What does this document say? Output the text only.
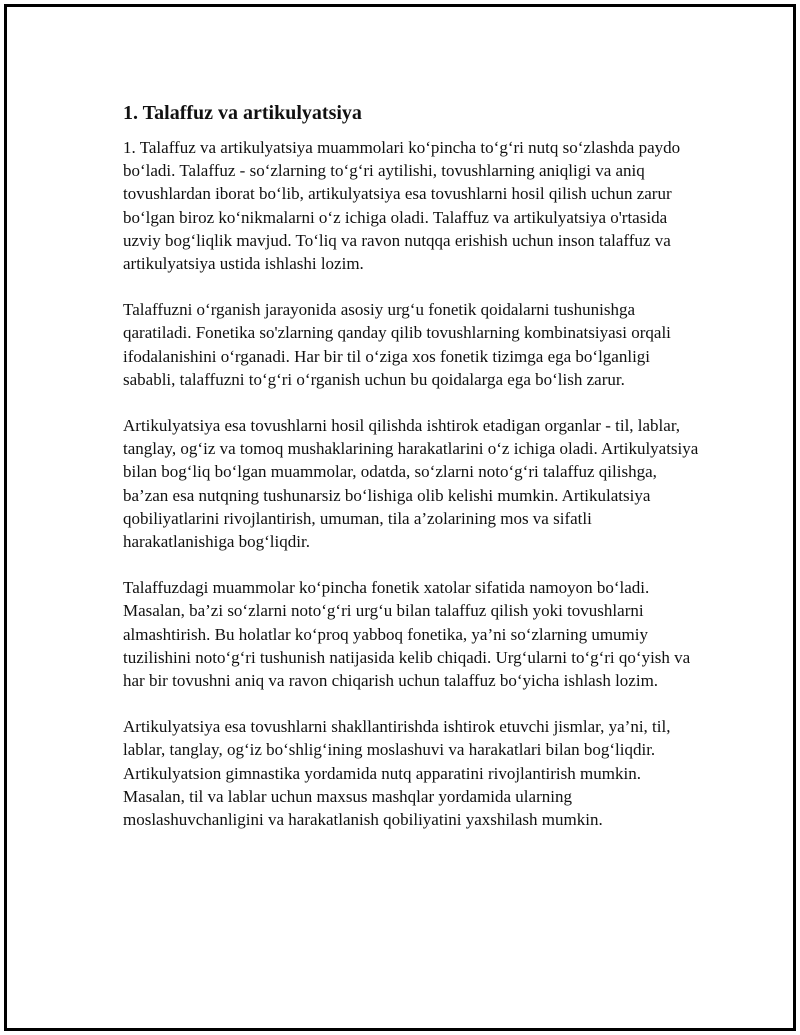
1. Talaffuz va artikulyatsiya

1. Talaffuz va artikulyatsiya muammolari ko‘pincha to‘g‘ri nutq so‘zlashda paydo bo‘ladi. Talaffuz - so‘zlarning to‘g‘ri aytilishi, tovushlarning aniqligi va aniq tovushlardan iborat bo‘lib, artikulyatsiya esa tovushlarni hosil qilish uchun zarur bo‘lgan biroz ko‘nikmalarni o‘z ichiga oladi. Talaffuz va artikulyatsiya o'rtasida uzviy bog‘liqlik mavjud. To‘liq va ravon nutqqa erishish uchun inson talaffuz va artikulyatsiya ustida ishlashi lozim.

Talaffuzni o‘rganish jarayonida asosiy urg‘u fonetik qoidalarni tushunishga qaratiladi. Fonetika so'zlarning qanday qilib tovushlarning kombinatsiyasi orqali ifodalanishini o‘rganadi. Har bir til o‘ziga xos fonetik tizimga ega bo‘lganligi sababli, talaffuzni to‘g‘ri o‘rganish uchun bu qoidalarga ega bo‘lish zarur.

Artikulyatsiya esa tovushlarni hosil qilishda ishtirok etadigan organlar - til, lablar, tanglay, og‘iz va tomoq mushaklarining harakatlarini o‘z ichiga oladi. Artikulyatsiya bilan bog‘liq bo‘lgan muammolar, odatda, so‘zlarni noto‘g‘ri talaffuz qilishga, ba’zan esa nutqning tushunarsiz bo‘lishiga olib kelishi mumkin. Artikulatsiya qobiliyatlarini rivojlantirish, umuman, tila a’zolarining mos va sifatli harakatlanishiga bog‘liqdir.

Talaffuzdagi muammolar ko‘pincha fonetik xatolar sifatida namoyon bo‘ladi. Masalan, ba’zi so‘zlarni noto‘g‘ri urg‘u bilan talaffuz qilish yoki tovushlarni almashtirish. Bu holatlar ko‘proq yabboq fonetika, ya’ni so‘zlarning umumiy tuzilishini noto‘g‘ri tushunish natijasida kelib chiqadi. Urg‘ularni to‘g‘ri qo‘yish va har bir tovushni aniq va ravon chiqarish uchun talaffuz bo‘yicha ishlash lozim.

Artikulyatsiya esa tovushlarni shakllantirishda ishtirok etuvchi jismlar, ya’ni, til, lablar, tanglay, og‘iz bo‘shlig‘ining moslashuvi va harakatlari bilan bog‘liqdir. Artikulyatsion gimnastika yordamida nutq apparatini rivojlantirish mumkin. Masalan, til va lablar uchun maxsus mashqlar yordamida ularning moslashuvchanligini va harakatlanish qobiliyatini yaxshilash mumkin.
